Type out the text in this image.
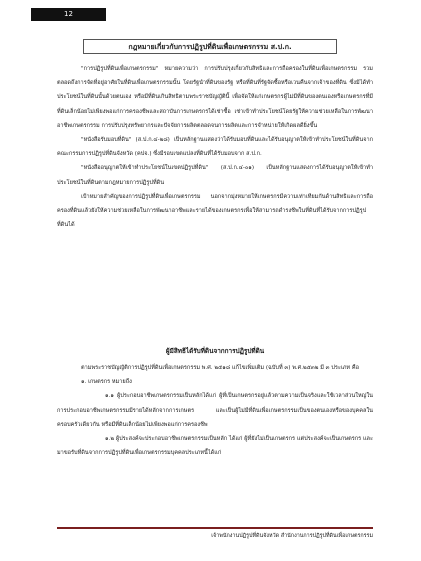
12
กฎหมายเกี่ยวกับการปฏิรูปที่ดินเพื่อเกษตรกรรม ส.ป.ก.

"การปฏิรูปที่ดินเพื่อเกษตรกรรม" หมายความว่า การปรับปรุงเกี่ยวกับสิทธิและการถือครองในที่ดินเพื่อเกษตรกรรม รวมตลอดถึงการจัดที่อยู่อาศัยในที่ดินเพื่อเกษตรกรรมนั้น โดยรัฐนำที่ดินของรัฐ หรือที่ดินที่รัฐจัดซื้อหรือเวนคืนจากเจ้าของที่ดิน ซึ่งมิได้ทำประโยชน์ในที่ดินนั้นด้วยตนเอง หรือมีที่ดินเกินสิทธิตามพระราชบัญญัตินี้ เพื่อจัดให้แก่เกษตรกรผู้ไม่มีที่ดินของตนเองหรือเกษตรกรที่มีที่ดินเล็กน้อยไม่เพียงพอแก่การครองชีพและสถาบันการเกษตรกรได้เช่าซื้อ เช่าเข้าทำประโยชน์โดยรัฐให้ความช่วยเหลือในการพัฒนาอาชีพเกษตรกรรม การปรับปรุงทรัพยากรและปัจจัยการผลิตตลอดจนการผลิตและการจำหน่ายให้เกิดผลดียิ่งขึ้น

"หนังสือรับมอบที่ดิน" (ส.ป.ก.๔-๒๘) เป็นหลักฐานแสดงว่าได้รับมอบที่ดินและได้รับอนุญาตให้เข้าทำประโยชน์ในที่ดินจากคณะกรรมการปฏิรูปที่ดินจังหวัด (คปจ.) ซึ่งมีรอบเขตแปลงที่ดินที่ได้รับมอบจาก ส.ป.ก.

"หนังสืออนุญาตให้เข้าทำประโยชน์ในเขตปฏิรูปที่ดิน" (ส.ป.ก.๔-๐๑) เป็นหลักฐานแสดงการได้รับอนุญาตให้เข้าทำประโยชน์ในที่ดินตามกฎหมายการปฏิรูปที่ดิน

เป้าหมายสำคัญของการปฏิรูปที่ดินเพื่อเกษตรกรรม นอกจากมุ่งหมายให้เกษตรกรมีความเท่าเทียมกันด้านสิทธิและการถือครองที่ดินแล้วยังให้ความช่วยเหลือในการพัฒนาอาชีพและรายได้ของเกษตรกรเพื่อให้สามารถดำรงชีพในที่ดินที่ได้รับจากการปฏิรูปที่ดินได้

ผู้มีสิทธิได้รับที่ดินจากการปฏิรูปที่ดิน

ตามพระราชบัญญัติการปฏิรูปที่ดินเพื่อเกษตรกรรม พ.ศ. ๒๕๑๘ แก้ไขเพิ่มเติม (ฉบับที่ ๓) พ.ศ.๒๕๓๒ มี ๓ ประเภท คือ

๑. เกษตรกร หมายถึง

๑.๑ ผู้ประกอบอาชีพเกษตรกรรมเป็นหลักได้แก่ ผู้ที่เป็นเกษตรกรอยู่แล้วตามความเป็นจริงและใช้เวลาส่วนใหญ่ในการประกอบอาชีพเกษตรกรรมมีรายได้หลักจากการเกษตร และเป็นผู้ไม่มีที่ดินเพื่อเกษตรกรรมเป็นของตนเองหรือของบุคคลในครอบครัวเดียวกัน หรือมีที่ดินเล็กน้อยไม่เพียงพอแก่การครองชีพ

๑.๒ ผู้ประสงค์จะประกอบอาชีพเกษตรกรรมเป็นหลัก ได้แก่ ผู้ที่ยังไม่เป็นเกษตรกร แต่ประสงค์จะเป็นเกษตรกร และมาขอรับที่ดินจากการปฏิรูปที่ดินเพื่อเกษตรกรรมบุคคลประเภทนี้ได้แก่

เจ้าพนักงานปฏิรูปที่ดินจังหวัด สำนักงานการปฏิรูปที่ดินเพื่อเกษตรกรรม
